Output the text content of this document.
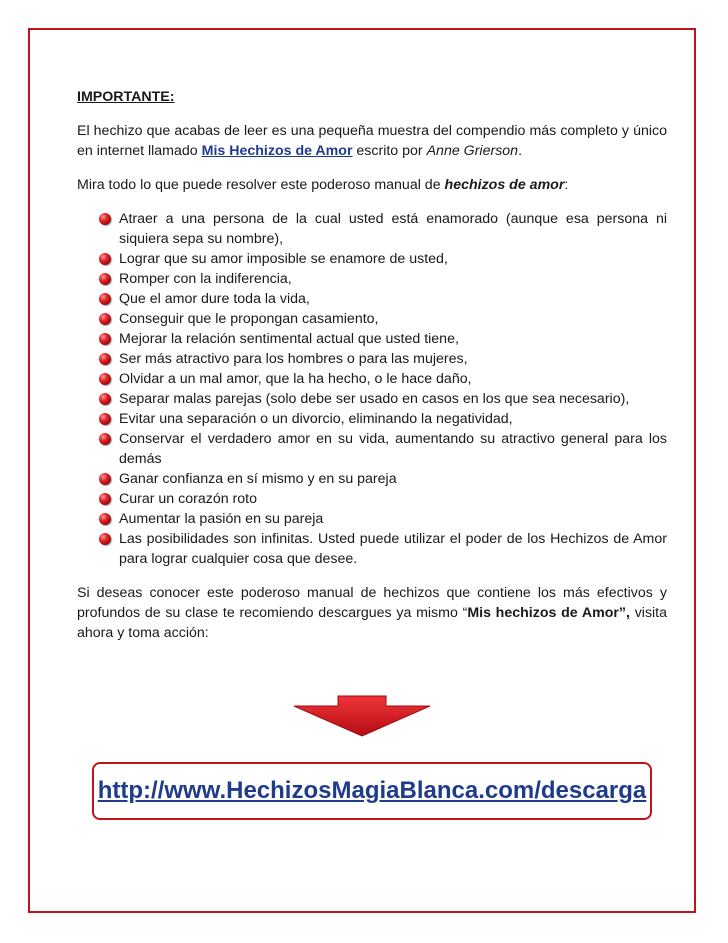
IMPORTANTE:

El hechizo que acabas de leer es una pequeña muestra del compendio más completo y único en internet llamado Mis Hechizos de Amor escrito por Anne Grierson.

Mira todo lo que puede resolver este poderoso manual de hechizos de amor:

Atraer a una persona de la cual usted está enamorado (aunque esa persona ni siquiera sepa su nombre),
Lograr que su amor imposible se enamore de usted,
Romper con la indiferencia,
Que el amor dure toda la vida,
Conseguir que le propongan casamiento,
Mejorar la relación sentimental actual que usted tiene,
Ser más atractivo para los hombres o para las mujeres,
Olvidar a un mal amor, que la ha hecho, o le hace daño,
Separar malas parejas (solo debe ser usado en casos en los que sea necesario),
Evitar una separación o un divorcio, eliminando la negatividad,
Conservar el verdadero amor en su vida, aumentando su atractivo general para los demás
Ganar confianza en sí mismo y en su pareja
Curar un corazón roto
Aumentar la pasión en su pareja
Las posibilidades son infinitas. Usted puede utilizar el poder de los Hechizos de Amor para lograr cualquier cosa que desee.

Si deseas conocer este poderoso manual de hechizos que contiene los más efectivos y profundos de su clase te recomiendo descargues ya mismo “Mis hechizos de Amor”, visita ahora y toma acción:

http://www.HechizosMagiaBlanca.com/descarga
